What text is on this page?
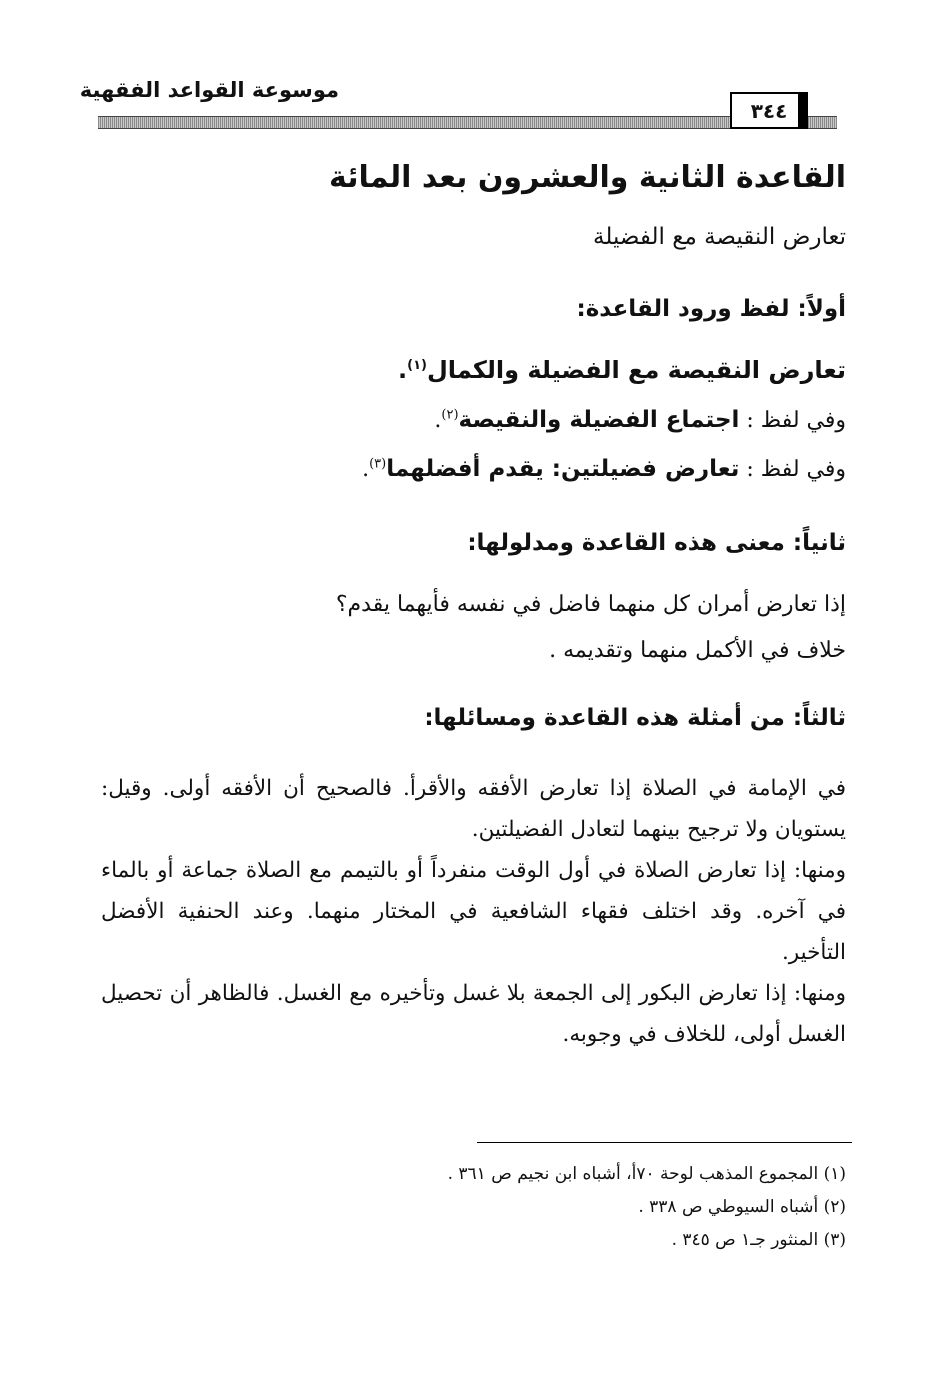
موسوعة القواعد الفقهية
٣٤٤
القاعدة الثانية والعشرون بعد المائة
تعارض النقيصة مع الفضيلة
أولاً: لفظ ورود القاعدة:
تعارض النقيصة مع الفضيلة والكمال$^{(١)}$.
وفي لفظ : اجتماع الفضيلة والنقيصة$^{(٢)}$.
وفي لفظ : تعارض فضيلتين: يقدم أفضلهما$^{(٣)}$.
ثانياً: معنى هذه القاعدة ومدلولها:
إذا تعارض أمران كل منهما فاضل في نفسه فأيهما يقدم؟
خلاف في الأكمل منهما وتقديمه .
ثالثاً: من أمثلة هذه القاعدة ومسائلها:

في الإمامة في الصلاة إذا تعارض الأفقه والأقرأ. فالصحيح أن الأفقه أولى. وقيل: يستويان ولا ترجيح بينهما لتعادل الفضيلتين.

ومنها: إذا تعارض الصلاة في أول الوقت منفرداً أو بالتيمم مع الصلاة جماعة أو بالماء في آخره. وقد اختلف فقهاء الشافعية في المختار منهما. وعند الحنفية الأفضل التأخير.

ومنها: إذا تعارض البكور إلى الجمعة بلا غسل وتأخيره مع الغسل. فالظاهر أن تحصيل الغسل أولى، للخلاف في وجوبه.

(١) المجموع المذهب لوحة ٧٠أ، أشباه ابن نجيم ص ٣٦١ .
(٢) أشباه السيوطي ص ٣٣٨ .
(٣) المنثور جـ١ ص ٣٤٥ .
